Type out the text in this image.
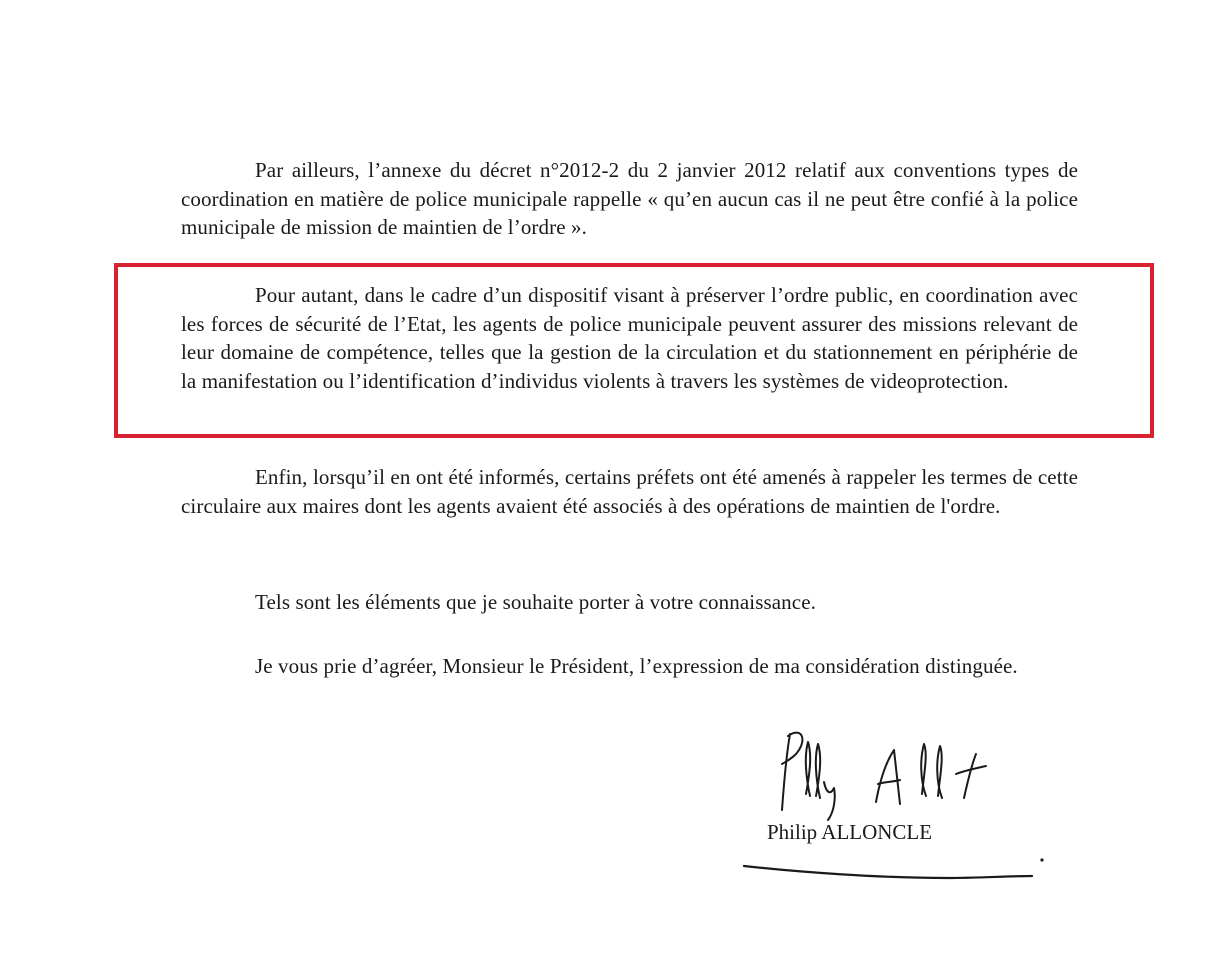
Par ailleurs, l’annexe du décret n°2012-2 du 2 janvier 2012 relatif aux conventions types de coordination en matière de police municipale rappelle « qu’en aucun cas il ne peut être confié à la police municipale de mission de maintien de l’ordre ».

Pour autant, dans le cadre d’un dispositif visant à préserver l’ordre public, en coordination avec les forces de sécurité de l’Etat, les agents de police municipale peuvent assurer des missions relevant de leur domaine de compétence, telles que la gestion de la circulation et du stationnement en périphérie de la manifestation ou l’identification d’individus violents à travers les systèmes de videoprotection.

Enfin, lorsqu’il en ont été informés, certains préfets ont été amenés à rappeler les termes de cette circulaire aux maires dont les agents avaient été associés à des opérations de maintien de l'ordre.

Tels sont les éléments que je souhaite porter à votre connaissance.

Je vous prie d’agréer, Monsieur le Président, l’expression de ma considération distinguée.

Philip ALLONCLE
